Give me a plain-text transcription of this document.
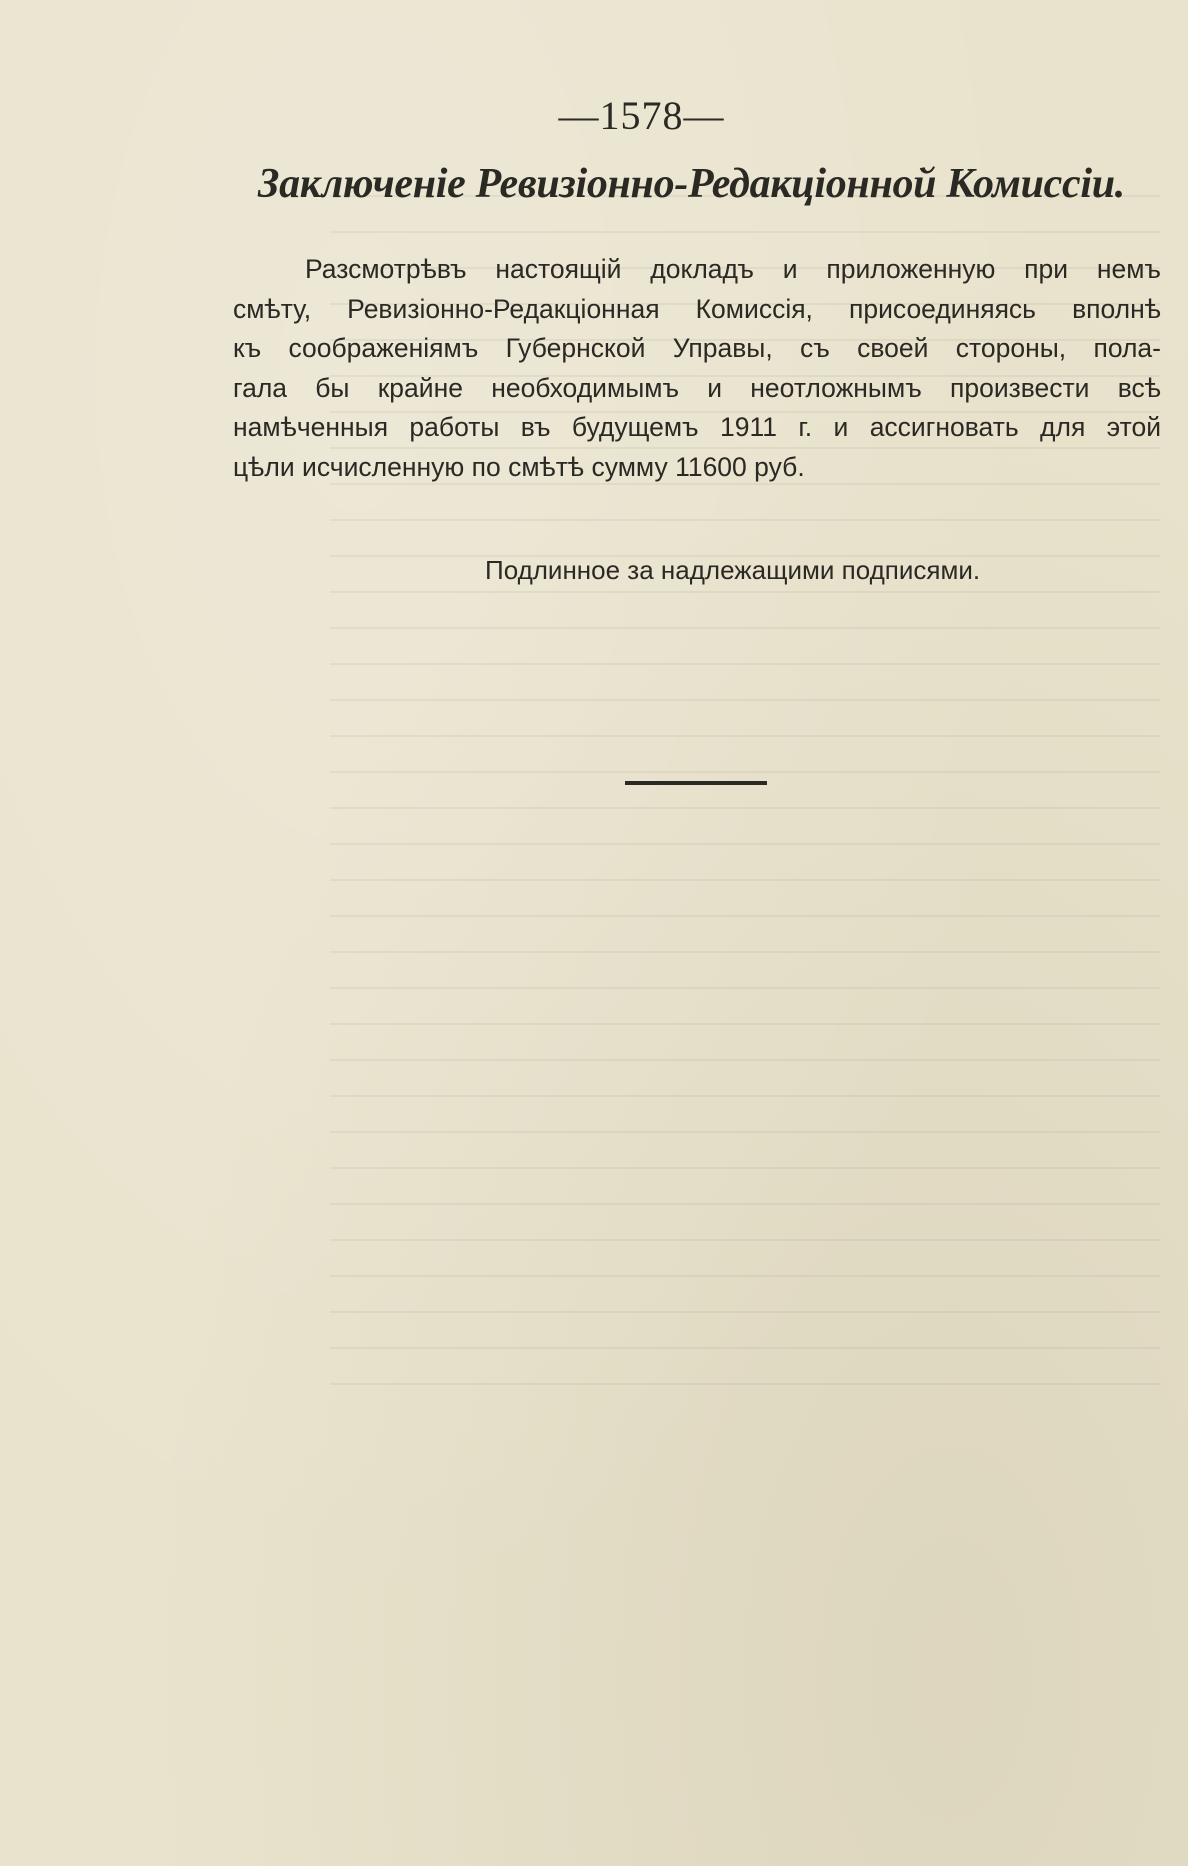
—1578—
Заключеніе Ревизіонно-Редакціонной Комиссіи.
Разсмотрѣвъ настоящій докладъ и приложенную при немъ
смѣту, Ревизіонно-Редакціонная Комиссія, присоединяясь вполнѣ
къ соображеніямъ Губернской Управы, съ своей стороны, пола-
гала бы крайне необходимымъ и неотложнымъ произвести всѣ
намѣченныя работы въ будущемъ 1911 г. и ассигновать для этой
цѣли исчисленную по смѣтѣ сумму 11600 руб.
Подлинное за надлежащими подписями.
